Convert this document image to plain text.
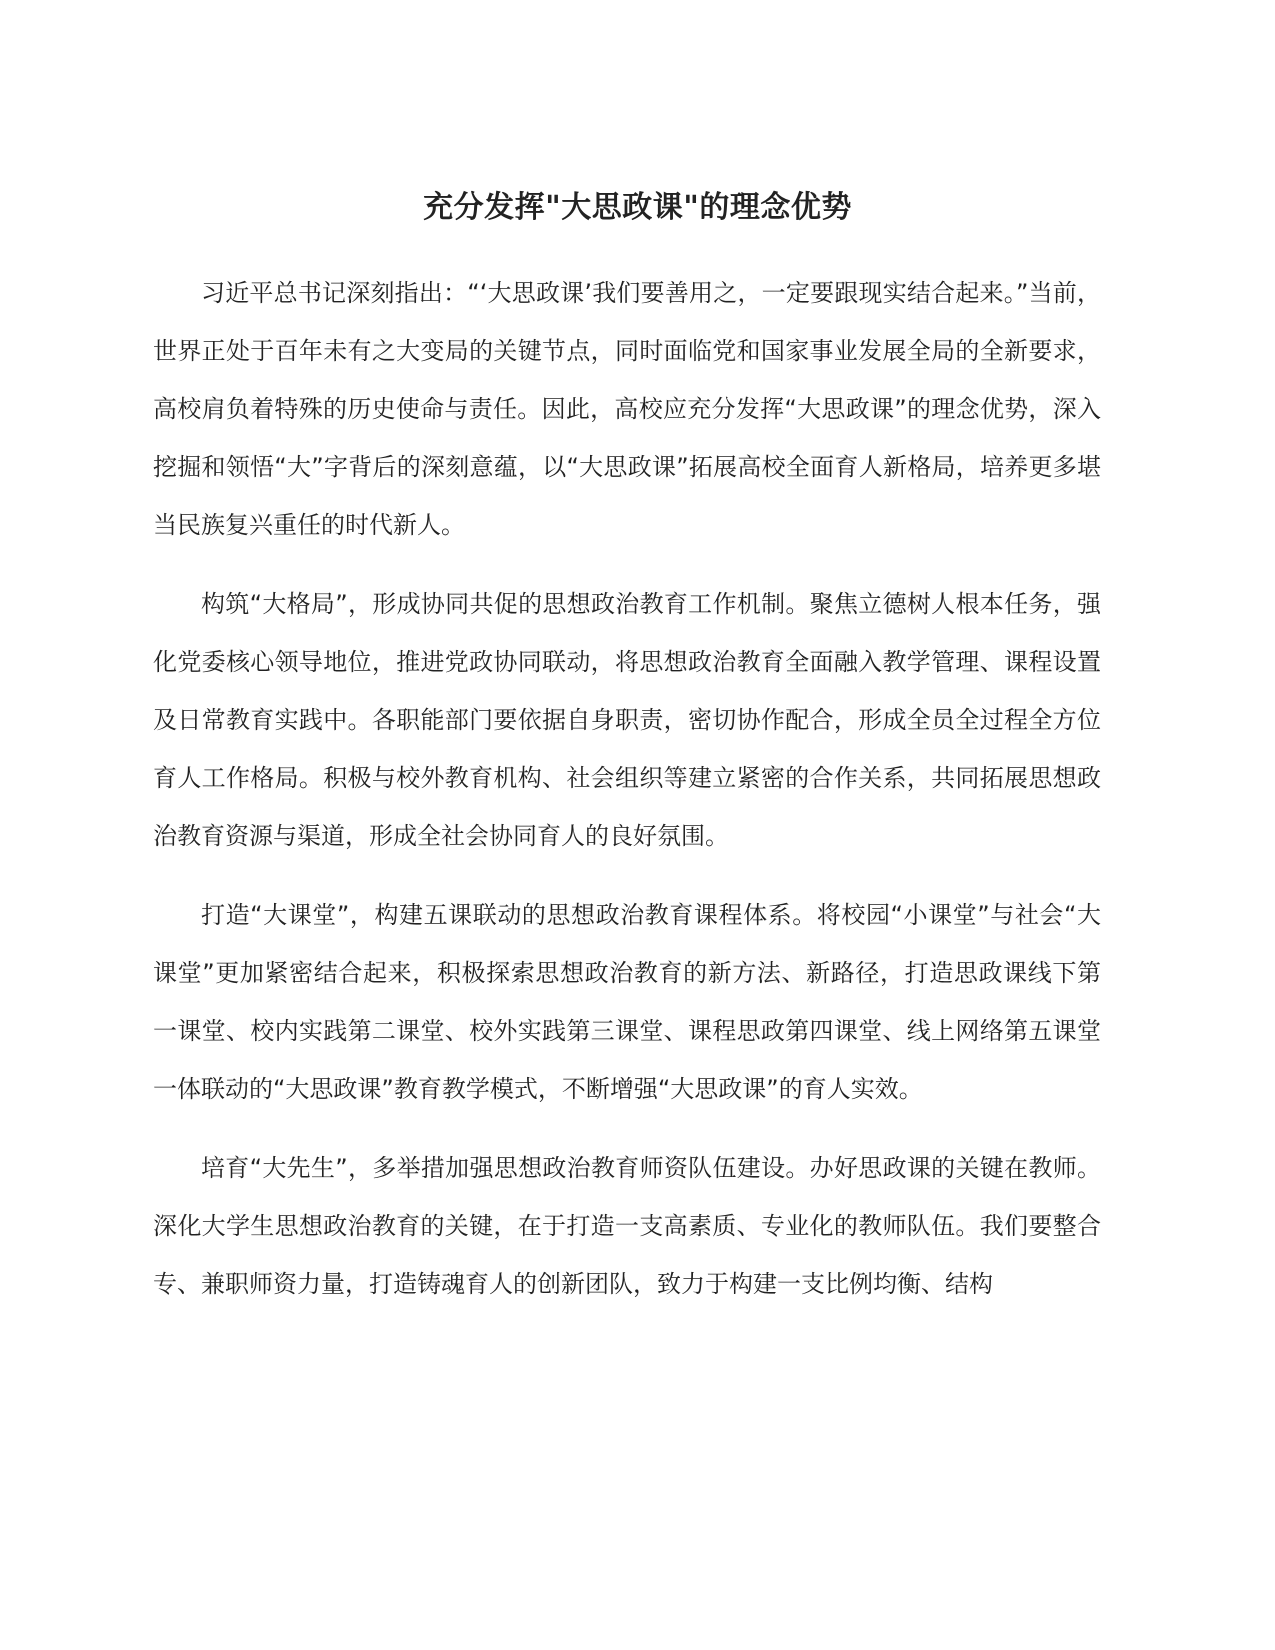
充分发挥"大思政课"的理念优势

习近平总书记深刻指出：“‘大思政课’我们要善用之，一定要跟现实结合起来。”当前，世界正处于百年未有之大变局的关键节点，同时面临党和国家事业发展全局的全新要求，高校肩负着特殊的历史使命与责任。因此，高校应充分发挥“大思政课”的理念优势，深入挖掘和领悟“大”字背后的深刻意蕴，以“大思政课”拓展高校全面育人新格局，培养更多堪当民族复兴重任的时代新人。

构筑“大格局”，形成协同共促的思想政治教育工作机制。聚焦立德树人根本任务，强化党委核心领导地位，推进党政协同联动，将思想政治教育全面融入教学管理、课程设置及日常教育实践中。各职能部门要依据自身职责，密切协作配合，形成全员全过程全方位育人工作格局。积极与校外教育机构、社会组织等建立紧密的合作关系，共同拓展思想政治教育资源与渠道，形成全社会协同育人的良好氛围。

打造“大课堂”，构建五课联动的思想政治教育课程体系。将校园“小课堂”与社会“大课堂”更加紧密结合起来，积极探索思想政治教育的新方法、新路径，打造思政课线下第一课堂、校内实践第二课堂、校外实践第三课堂、课程思政第四课堂、线上网络第五课堂一体联动的“大思政课”教育教学模式，不断增强“大思政课”的育人实效。

培育“大先生”，多举措加强思想政治教育师资队伍建设。办好思政课的关键在教师。深化大学生思想政治教育的关键，在于打造一支高素质、专业化的教师队伍。我们要整合专、兼职师资力量，打造铸魂育人的创新团队，致力于构建一支比例均衡、结构
